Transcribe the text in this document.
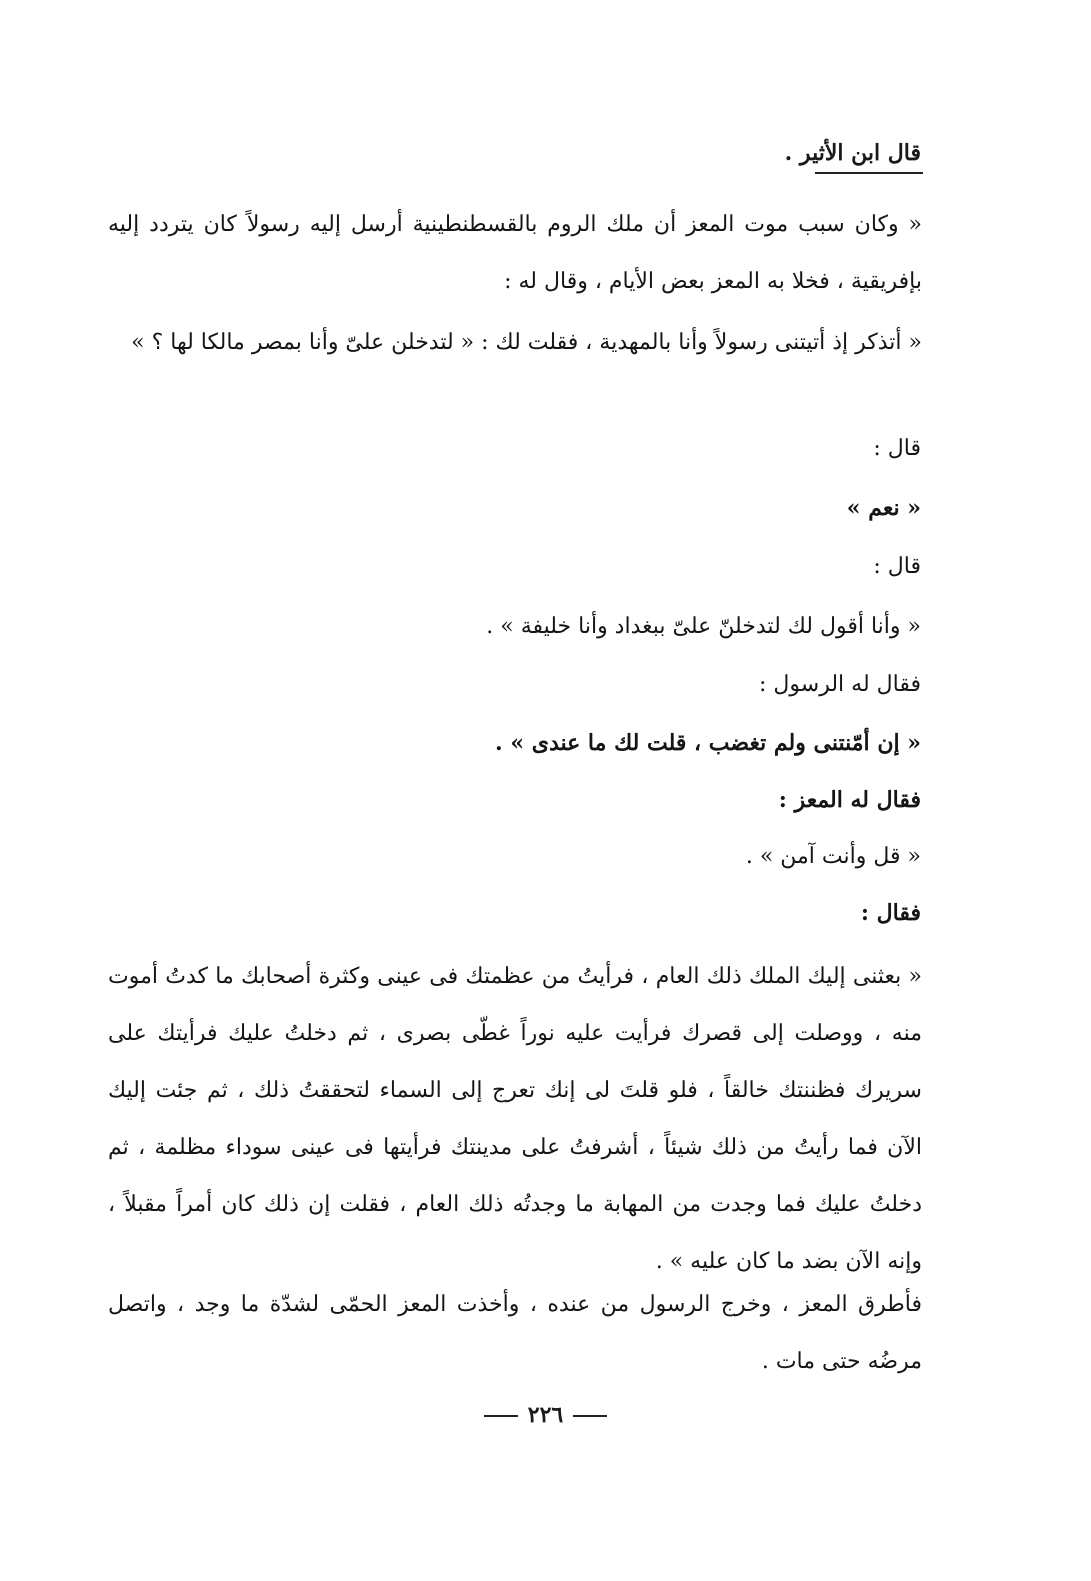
قال ابن الأثير .
« وكان سبب موت المعز أن ملك الروم بالقسطنطينية أرسل إليه رسولاً كان يتردد إليه بإفريقية ، فخلا به المعز بعض الأيام ، وقال له :
« أتذكر إذ أتيتنى رسولاً وأنا بالمهدية ، فقلت لك : « لتدخلن علىّ وأنا بمصر مالكا لها ؟ »
قال :
« نعم »
قال :
« وأنا أقول لك لتدخلنّ علىّ ببغداد وأنا خليفة » .
فقال له الرسول :
« إن أمّنتنى ولم تغضب ، قلت لك ما عندى » .
فقال له المعز :
« قل وأنت آمن » .
فقال :
« بعثنى إليك الملك ذلك العام ، فرأيتُ من عظمتك فى عينى وكثرة أصحابك ما كدتُ أموت منه ، ووصلت إلى قصرك فرأيت عليه نوراً غطّى بصرى ، ثم دخلتُ عليك فرأيتك على سريرك فظننتك خالقاً ، فلو قلتَ لى إنك تعرج إلى السماء لتحققتُ ذلك ، ثم جئت إليك الآن فما رأيتُ من ذلك شيئاً ، أشرفتُ على مدينتك فرأيتها فى عينى سوداء مظلمة ، ثم دخلتُ عليك فما وجدت من المهابة ما وجدتُه ذلك العام ، فقلت إن ذلك كان أمراً مقبلاً ، وإنه الآن بضد ما كان عليه » .
فأطرق المعز ، وخرج الرسول من عنده ، وأخذت المعز الحمّى لشدّة ما وجد ، واتصل مرضُه حتى مات .
٢٢٦
